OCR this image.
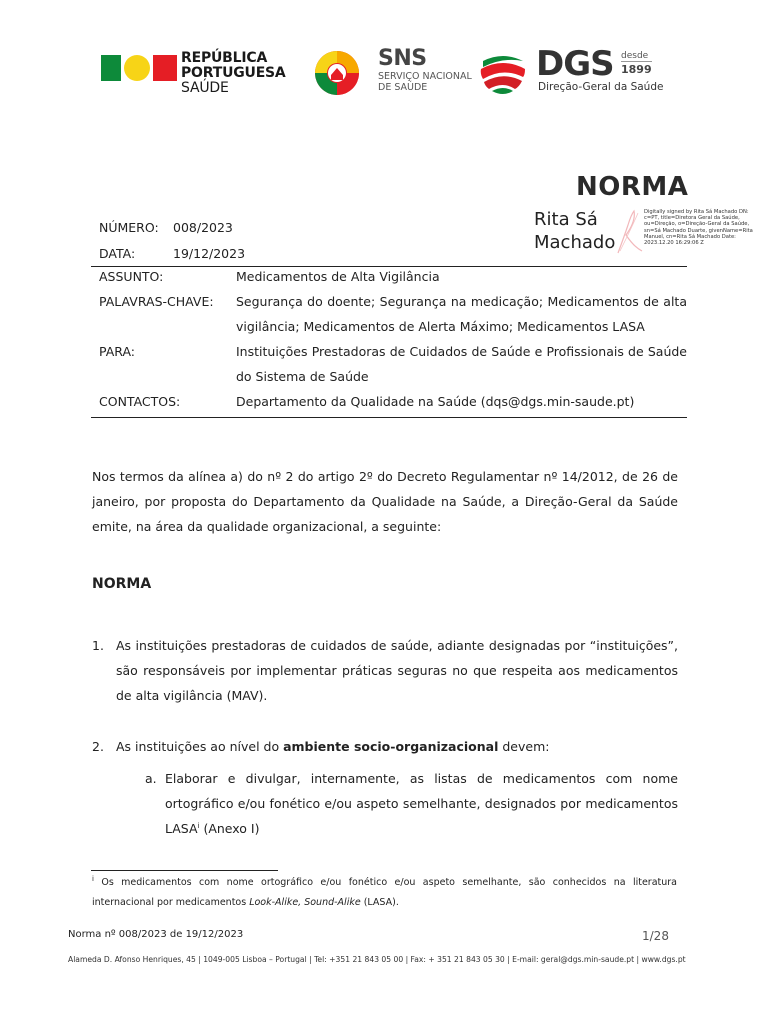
REPÚBLICA
PORTUGUESA
SAÚDE
SNS
SERVIÇO NACIONAL
DE SAÚDE
DGS desde
1899
Direção-Geral da Saúde
NORMA
Rita Sá
Machado
Digitally signed by Rita Sá Machado DN: c=PT, title=Diretora Geral da Saúde, ou=Direção, o=Direção-Geral da Saúde, sn=Sá Machado Duarte, givenName=Rita Manuel, cn=Rita Sá Machado Date: 2023.12.20 16:29:06 Z
NÚMERO: 008/2023
DATA:	19/12/2023
ASSUNTO:	Medicamentos de Alta Vigilância
PALAVRAS-CHAVE: Segurança do doente; Segurança na medicação; Medicamentos de alta vigilância; Medicamentos de Alerta Máximo; Medicamentos LASA
PARA:	Instituições Prestadoras de Cuidados de Saúde e Profissionais de Saúde do Sistema de Saúde
CONTACTOS:	Departamento da Qualidade na Saúde (dqs@dgs.min-saude.pt)
Nos termos da alínea a) do nº 2 do artigo 2º do Decreto Regulamentar nº 14/2012, de 26 de janeiro, por proposta do Departamento da Qualidade na Saúde, a Direção-Geral da Saúde emite, na área da qualidade organizacional, a seguinte:
NORMA
1. As instituições prestadoras de cuidados de saúde, adiante designadas por “instituições”, são responsáveis por implementar práticas seguras no que respeita aos medicamentos de alta vigilância (MAV).
2. As instituições ao nível do ambiente socio-organizacional devem:
a. Elaborar e divulgar, internamente, as listas de medicamentos com nome ortográfico e/ou fonético e/ou aspeto semelhante, designados por medicamentos LASA$^i$ (Anexo I)
$^i$ Os medicamentos com nome ortográfico e/ou fonético e/ou aspeto semelhante, são conhecidos na literatura internacional por medicamentos Look-Alike, Sound-Alike (LASA).
Norma nº 008/2023 de 19/12/2023	1/28
Alameda D. Afonso Henriques, 45 | 1049-005 Lisboa – Portugal | Tel: +351 21 843 05 00 | Fax: + 351 21 843 05 30 | E-mail: geral@dgs.min-saude.pt | www.dgs.pt
